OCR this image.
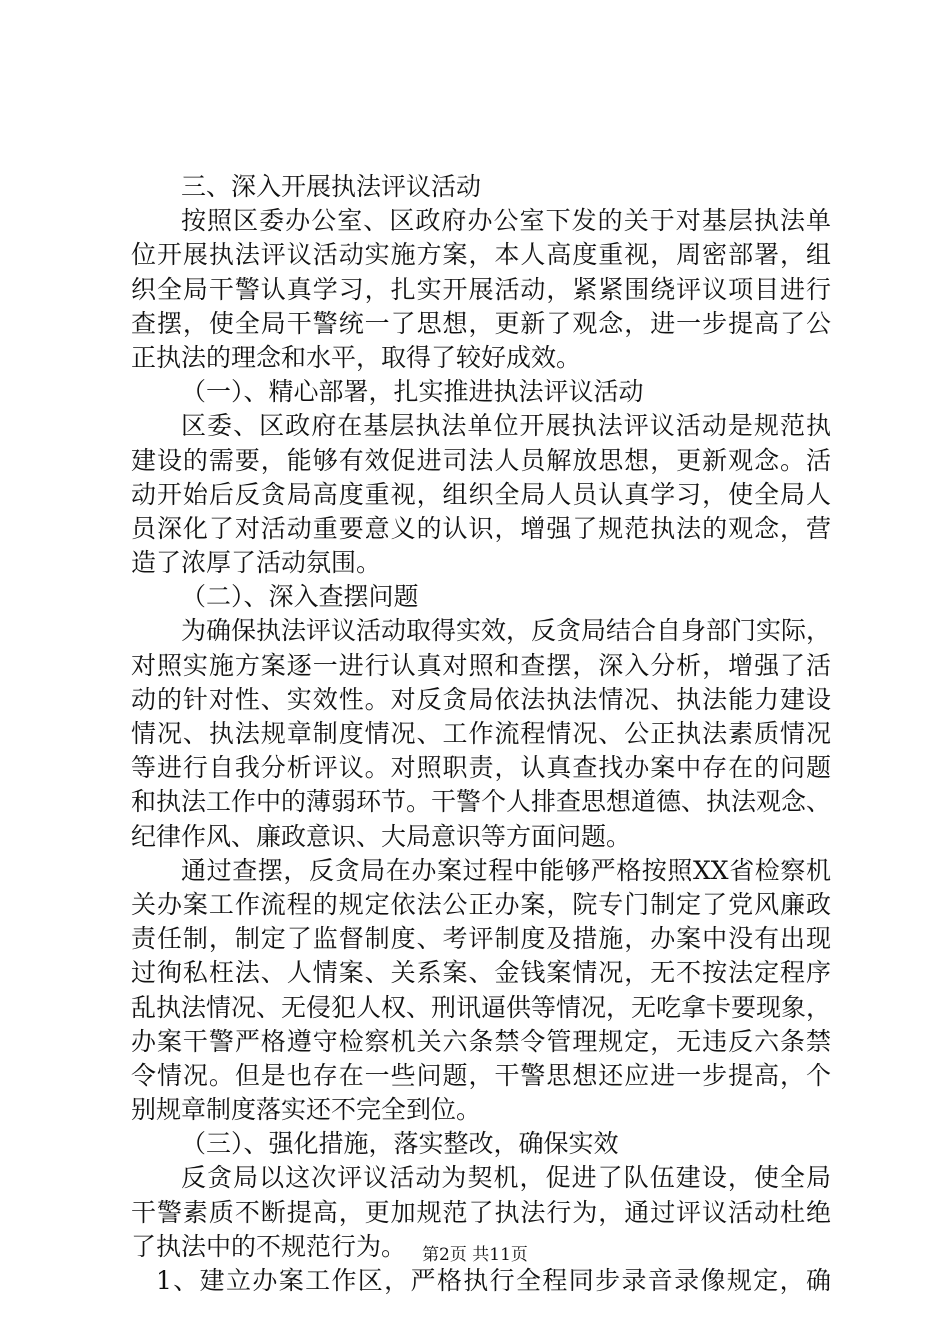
三、深入开展执法评议活动
按照区委办公室、区政府办公室下发的关于对基层执法单
位开展执法评议活动实施方案，本人高度重视，周密部署，组
织全局干警认真学习，扎实开展活动，紧紧围绕评议项目进行
查摆，使全局干警统一了思想，更新了观念，进一步提高了公
正执法的理念和水平，取得了较好成效。
（一）、精心部署，扎实推进执法评议活动
区委、区政府在基层执法单位开展执法评议活动是规范执
建设的需要，能够有效促进司法人员解放思想，更新观念。活
动开始后反贪局高度重视，组织全局人员认真学习，使全局人
员深化了对活动重要意义的认识，增强了规范执法的观念，营
造了浓厚了活动氛围。
（二）、深入查摆问题
为确保执法评议活动取得实效，反贪局结合自身部门实际，
对照实施方案逐一进行认真对照和查摆，深入分析，增强了活
动的针对性、实效性。对反贪局依法执法情况、执法能力建设
情况、执法规章制度情况、工作流程情况、公正执法素质情况
等进行自我分析评议。对照职责，认真查找办案中存在的问题
和执法工作中的薄弱环节。干警个人排查思想道德、执法观念、
纪律作风、廉政意识、大局意识等方面问题。
通过查摆，反贪局在办案过程中能够严格按照XX省检察机
关办案工作流程的规定依法公正办案，院专门制定了党风廉政
责任制，制定了监督制度、考评制度及措施，办案中没有出现
过徇私枉法、人情案、关系案、金钱案情况，无不按法定程序
乱执法情况、无侵犯人权、刑讯逼供等情况，无吃拿卡要现象，
办案干警严格遵守检察机关六条禁令管理规定，无违反六条禁
令情况。但是也存在一些问题，干警思想还应进一步提高，个
别规章制度落实还不完全到位。
（三）、强化措施，落实整改，确保实效
反贪局以这次评议活动为契机，促进了队伍建设，使全局
干警素质不断提高，更加规范了执法行为，通过评议活动杜绝
了执法中的不规范行为。
1、建立办案工作区，严格执行全程同步录音录像规定，确
第2页 共11页
